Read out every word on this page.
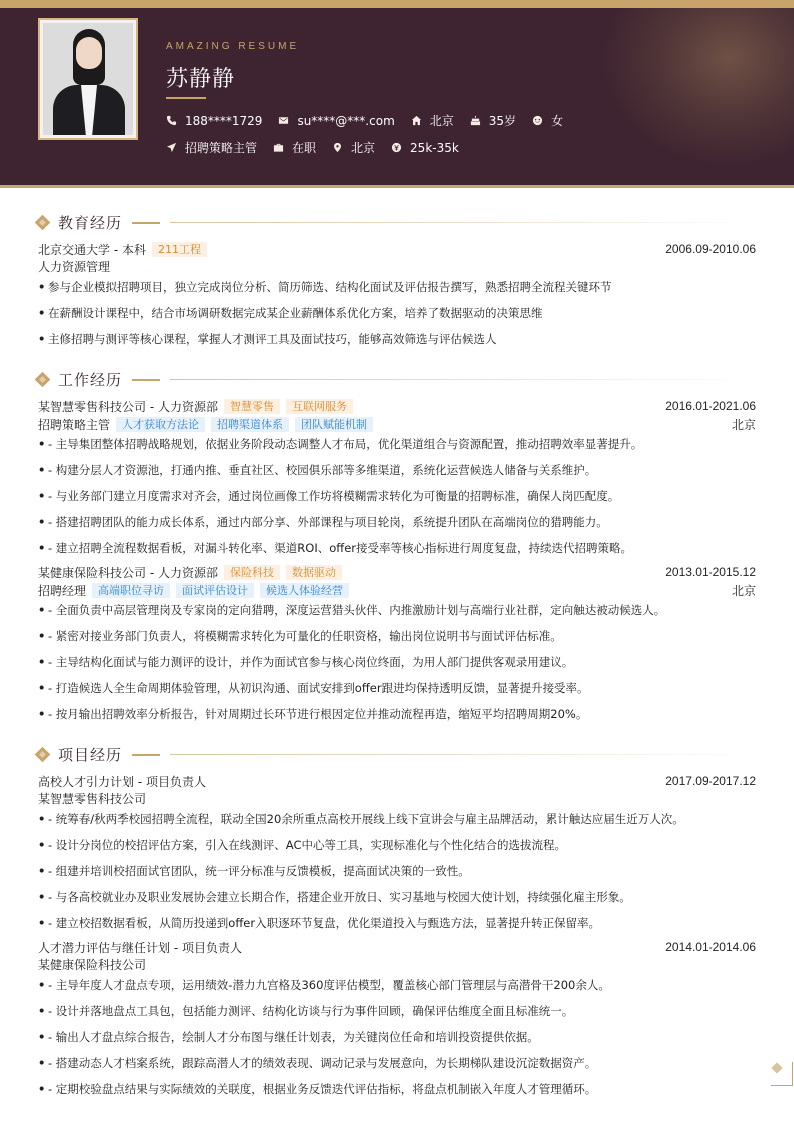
AMAZING RESUME
苏静静
188****1729	su****@***.com	北京	35岁	女
招聘策略主管	在职	北京	25k-35k
教育经历
北京交通大学 - 本科	211工程	2006.09-2010.06
人力资源管理
• 参与企业模拟招聘项目，独立完成岗位分析、简历筛选、结构化面试及评估报告撰写，熟悉招聘全流程关键环节
• 在薪酬设计课程中，结合市场调研数据完成某企业薪酬体系优化方案，培养了数据驱动的决策思维
• 主修招聘与测评等核心课程，掌握人才测评工具及面试技巧，能够高效筛选与评估候选人
工作经历
某智慧零售科技公司 - 人力资源部	智慧零售	互联网服务	2016.01-2021.06
招聘策略主管	人才获取方法论	招聘渠道体系	团队赋能机制	北京
• - 主导集团整体招聘战略规划，依据业务阶段动态调整人才布局，优化渠道组合与资源配置，推动招聘效率显著提升。
• - 构建分层人才资源池，打通内推、垂直社区、校园俱乐部等多维渠道，系统化运营候选人储备与关系维护。
• - 与业务部门建立月度需求对齐会，通过岗位画像工作坊将模糊需求转化为可衡量的招聘标准，确保人岗匹配度。
• - 搭建招聘团队的能力成长体系，通过内部分享、外部课程与项目轮岗，系统提升团队在高端岗位的猎聘能力。
• - 建立招聘全流程数据看板，对漏斗转化率、渠道ROI、offer接受率等核心指标进行周度复盘，持续迭代招聘策略。
某健康保险科技公司 - 人力资源部	保险科技	数据驱动	2013.01-2015.12
招聘经理	高端职位寻访	面试评估设计	候选人体验经营	北京
• - 全面负责中高层管理岗及专家岗的定向猎聘，深度运营猎头伙伴、内推激励计划与高端行业社群，定向触达被动候选人。
• - 紧密对接业务部门负责人，将模糊需求转化为可量化的任职资格，输出岗位说明书与面试评估标准。
• - 主导结构化面试与能力测评的设计，并作为面试官参与核心岗位终面，为用人部门提供客观录用建议。
• - 打造候选人全生命周期体验管理，从初识沟通、面试安排到offer跟进均保持透明反馈，显著提升接受率。
• - 按月输出招聘效率分析报告，针对周期过长环节进行根因定位并推动流程再造，缩短平均招聘周期20%。
项目经历
高校人才引力计划 - 项目负责人	2017.09-2017.12
某智慧零售科技公司
• - 统筹春/秋两季校园招聘全流程，联动全国20余所重点高校开展线上线下宣讲会与雇主品牌活动，累计触达应届生近万人次。
• - 设计分岗位的校招评估方案，引入在线测评、AC中心等工具，实现标准化与个性化结合的选拔流程。
• - 组建并培训校招面试官团队，统一评分标准与反馈模板，提高面试决策的一致性。
• - 与各高校就业办及职业发展协会建立长期合作，搭建企业开放日、实习基地与校园大使计划，持续强化雇主形象。
• - 建立校招数据看板，从简历投递到offer入职逐环节复盘，优化渠道投入与甄选方法，显著提升转正保留率。
人才潜力评估与继任计划 - 项目负责人	2014.01-2014.06
某健康保险科技公司
• - 主导年度人才盘点专项，运用绩效-潜力九宫格及360度评估模型，覆盖核心部门管理层与高潜骨干200余人。
• - 设计并落地盘点工具包，包括能力测评、结构化访谈与行为事件回顾，确保评估维度全面且标准统一。
• - 输出人才盘点综合报告，绘制人才分布图与继任计划表，为关键岗位任命和培训投资提供依据。
• - 搭建动态人才档案系统，跟踪高潜人才的绩效表现、调动记录与发展意向，为长期梯队建设沉淀数据资产。
• - 定期校验盘点结果与实际绩效的关联度，根据业务反馈迭代评估指标，将盘点机制嵌入年度人才管理循环。
